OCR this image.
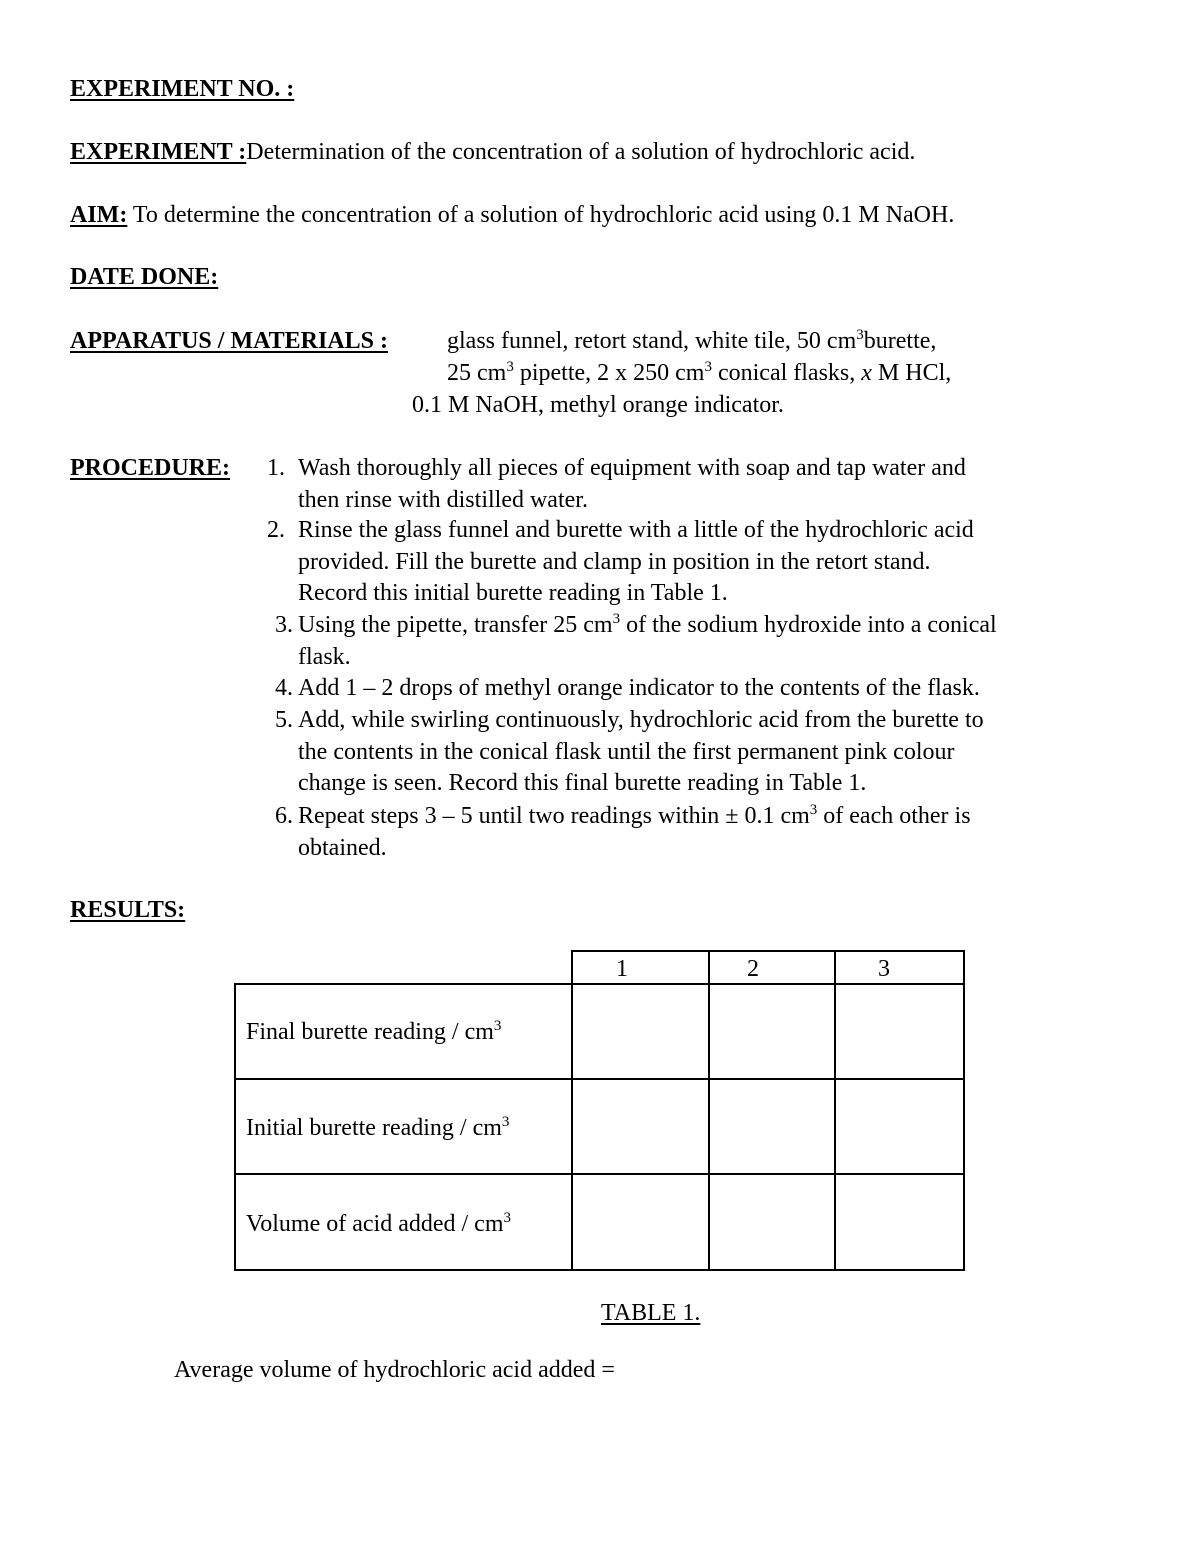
EXPERIMENT NO. :
EXPERIMENT :Determination of the concentration of a solution of hydrochloric acid.
AIM: To determine the concentration of a solution of hydrochloric acid using 0.1 M NaOH.
DATE DONE:
APPARATUS / MATERIALS : glass funnel, retort stand, white tile, 50 $cm^3burette$,
25 $cm^3$ pipette, 2 x 250 $cm^3$ conical flasks, x M HCl,
0.1 M NaOH, methyl orange indicator.
PROCEDURE:	1. Wash thoroughly all pieces of equipment with soap and tap water and
then rinse with distilled water.
2. Rinse the glass funnel and burette with a little of the hydrochloric acid
provided. Fill the burette and clamp in position in the retort stand.
Record this initial burette reading in Table 1.
3. Using the pipette, transfer 25 $cm^3$ of the sodium hydroxide into a conical
flask.
4. Add 1 – 2 drops of methyl orange indicator to the contents of the flask.
5. Add, while swirling continuously, hydrochloric acid from the burette to
the contents in the conical flask until the first permanent pink colour
change is seen. Record this final burette reading in Table 1.
6. Repeat steps 3 – 5 until two readings within ± 0.1 $cm^3$ of each other is
obtained.
RESULTS:
1	2	3
Final burette reading / $cm^3$
Initial burette reading / $cm^3$
Volume of acid added / $cm^3$
TABLE 1.
Average volume of hydrochloric acid added =
